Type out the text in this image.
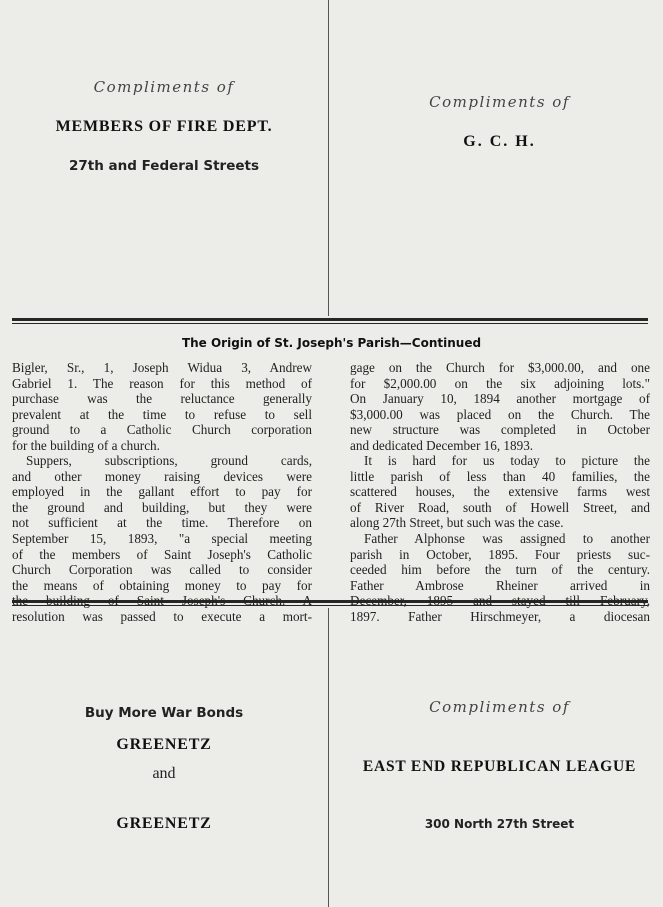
Compliments of
MEMBERS OF FIRE DEPT.
27th and Federal Streets
Compliments of
G. C. H.
The Origin of St. Joseph's Parish—Continued
Bigler, Sr., 1, Joseph Widua 3, Andrew
Gabriel 1. The reason for this method of
purchase was the reluctance generally
prevalent at the time to refuse to sell
ground to a Catholic Church corporation
for the building of a church.
Suppers, subscriptions, ground cards,
and other money raising devices were
employed in the gallant effort to pay for
the ground and building, but they were
not sufficient at the time. Therefore on
September 15, 1893, "a special meeting
of the members of Saint Joseph's Catholic
Church Corporation was called to consider
the means of obtaining money to pay for
the building of Saint Joseph's Church. A
resolution was passed to execute a mort-
gage on the Church for $3,000.00, and one
for $2,000.00 on the six adjoining lots."
On January 10, 1894 another mortgage of
$3,000.00 was placed on the Church. The
new structure was completed in October
and dedicated December 16, 1893.
It is hard for us today to picture the
little parish of less than 40 families, the
scattered houses, the extensive farms west
of River Road, south of Howell Street, and
along 27th Street, but such was the case.
Father Alphonse was assigned to another
parish in October, 1895. Four priests suc-
ceeded him before the turn of the century.
Father Ambrose Rheiner arrived in
December, 1895 and stayed till February,
1897. Father Hirschmeyer, a diocesan
Buy More War Bonds
GREENETZ
and
GREENETZ
Compliments of
EAST END REPUBLICAN LEAGUE
300 North 27th Street
